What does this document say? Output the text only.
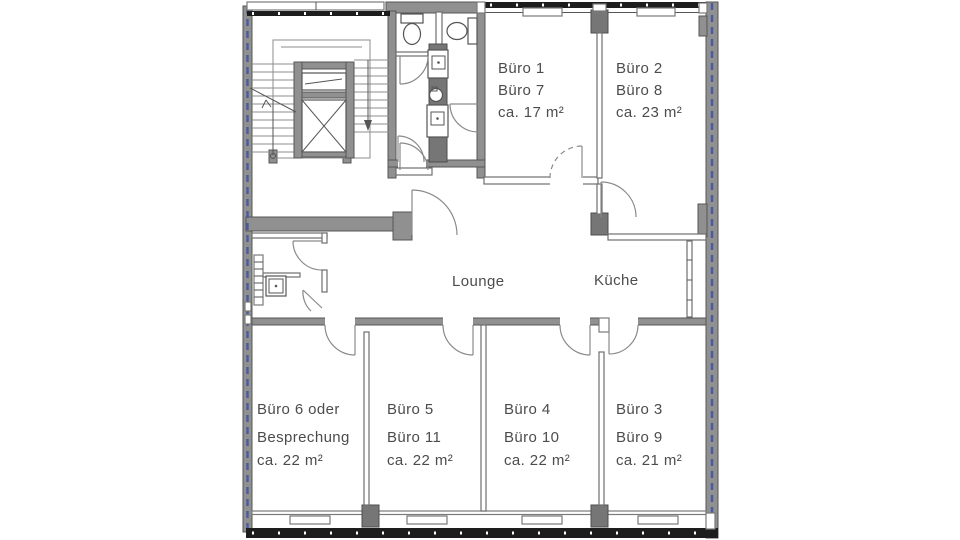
Büro 1
Büro 7
ca. 17 m²
Büro 2
Büro 8
ca. 23 m²
Lounge	Küche
Büro 6 oder
Besprechung
ca. 22 m²
Büro 5
Büro 11
ca. 22 m²
Büro 4
Büro 10
ca. 22 m²
Büro 3
Büro 9
ca. 21 m²
